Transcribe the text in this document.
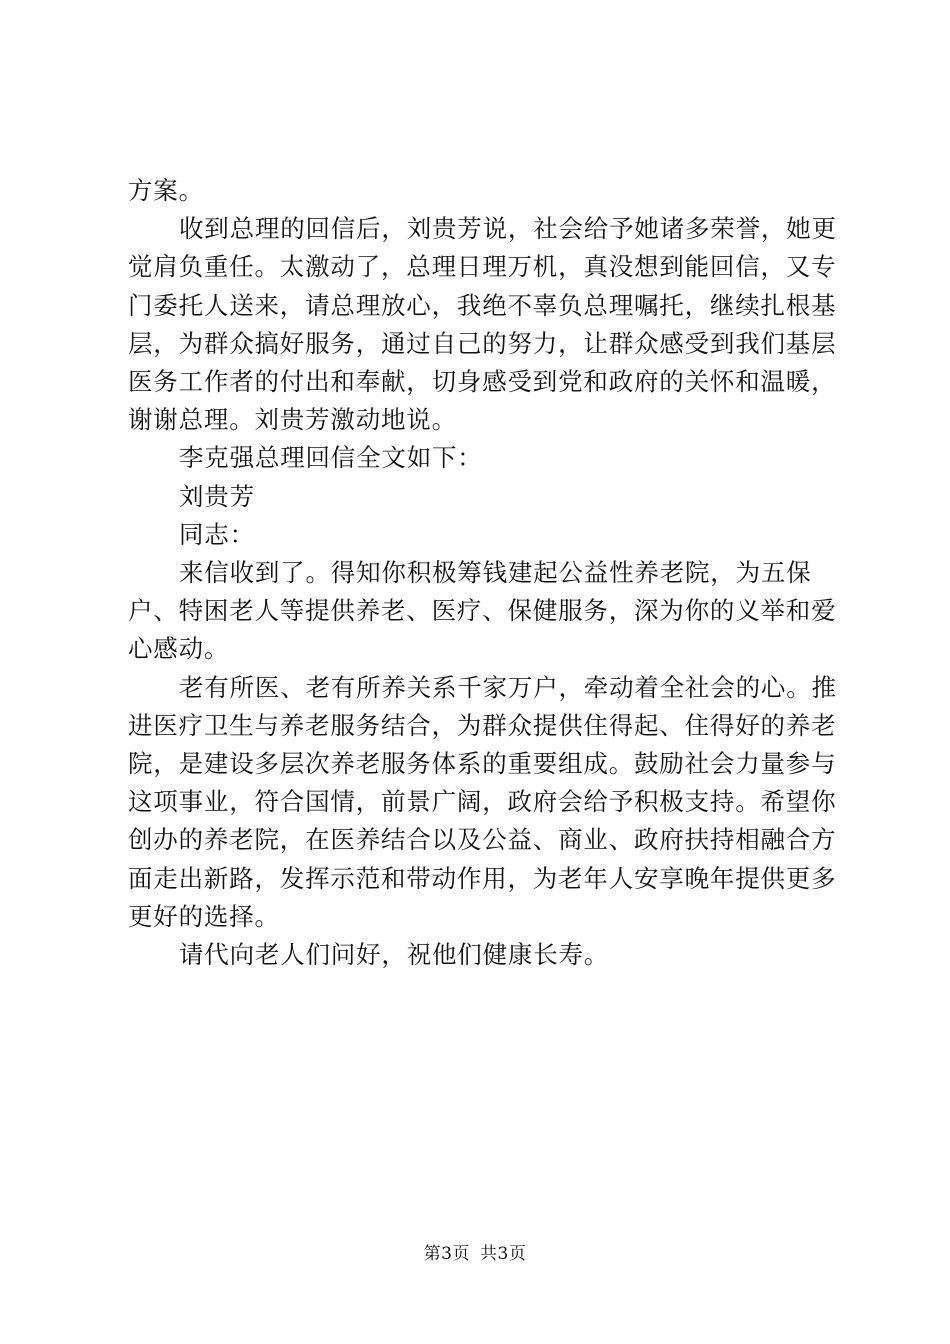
方案。

收到总理的回信后，刘贵芳说，社会给予她诸多荣誉，她更觉肩负重任。太激动了，总理日理万机，真没想到能回信，又专门委托人送来，请总理放心，我绝不辜负总理嘱托，继续扎根基层，为群众搞好服务，通过自己的努力，让群众感受到我们基层医务工作者的付出和奉献，切身感受到党和政府的关怀和温暖，谢谢总理。刘贵芳激动地说。

李克强总理回信全文如下：

刘贵芳

同志：

来信收到了。得知你积极筹钱建起公益性养老院，为五保户、特困老人等提供养老、医疗、保健服务，深为你的义举和爱心感动。

老有所医、老有所养关系千家万户，牵动着全社会的心。推进医疗卫生与养老服务结合，为群众提供住得起、住得好的养老院，是建设多层次养老服务体系的重要组成。鼓励社会力量参与这项事业，符合国情，前景广阔，政府会给予积极支持。希望你创办的养老院，在医养结合以及公益、商业、政府扶持相融合方面走出新路，发挥示范和带动作用，为老年人安享晚年提供更多更好的选择。

请代向老人们问好，祝他们健康长寿。

第3页 共3页
